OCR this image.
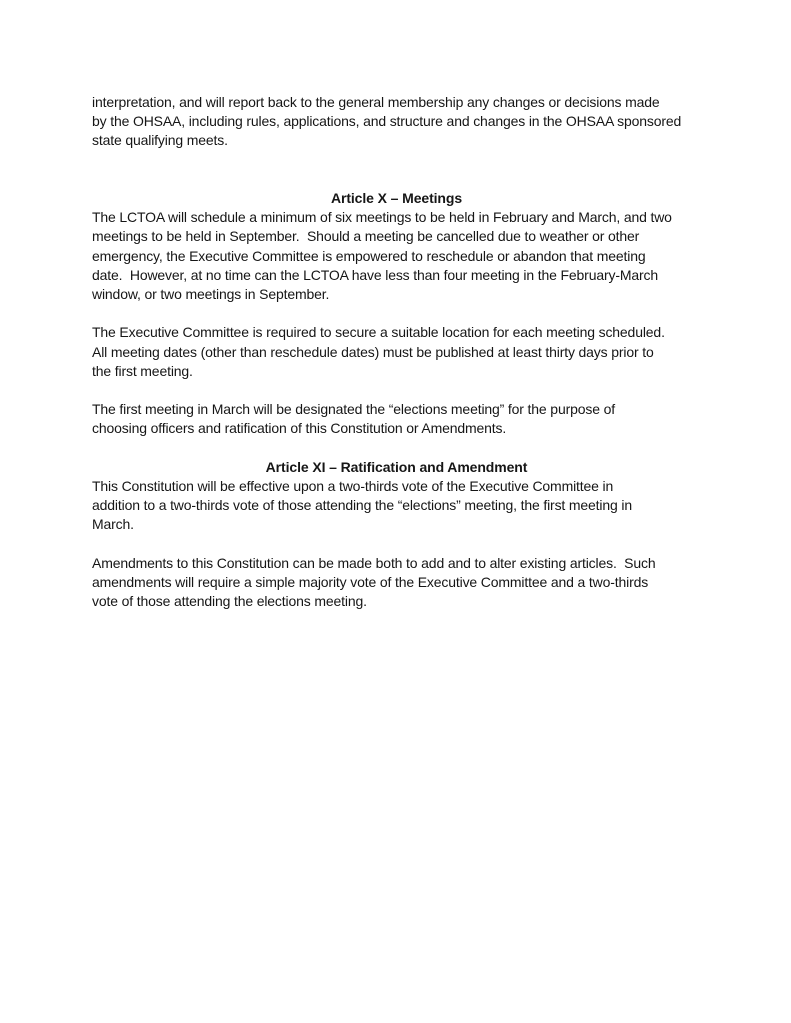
interpretation, and will report back to the general membership any changes or decisions made
by the OHSAA, including rules, applications, and structure and changes in the OHSAA sponsored
state qualifying meets.
Article X – Meetings
The LCTOA will schedule a minimum of six meetings to be held in February and March, and two
meetings to be held in September.  Should a meeting be cancelled due to weather or other
emergency, the Executive Committee is empowered to reschedule or abandon that meeting
date.  However, at no time can the LCTOA have less than four meeting in the February-March
window, or two meetings in September.
The Executive Committee is required to secure a suitable location for each meeting scheduled.
All meeting dates (other than reschedule dates) must be published at least thirty days prior to
the first meeting.
The first meeting in March will be designated the “elections meeting” for the purpose of
choosing officers and ratification of this Constitution or Amendments.
Article XI – Ratification and Amendment
This Constitution will be effective upon a two-thirds vote of the Executive Committee in
addition to a two-thirds vote of those attending the “elections” meeting, the first meeting in
March.
Amendments to this Constitution can be made both to add and to alter existing articles.  Such
amendments will require a simple majority vote of the Executive Committee and a two-thirds
vote of those attending the elections meeting.
